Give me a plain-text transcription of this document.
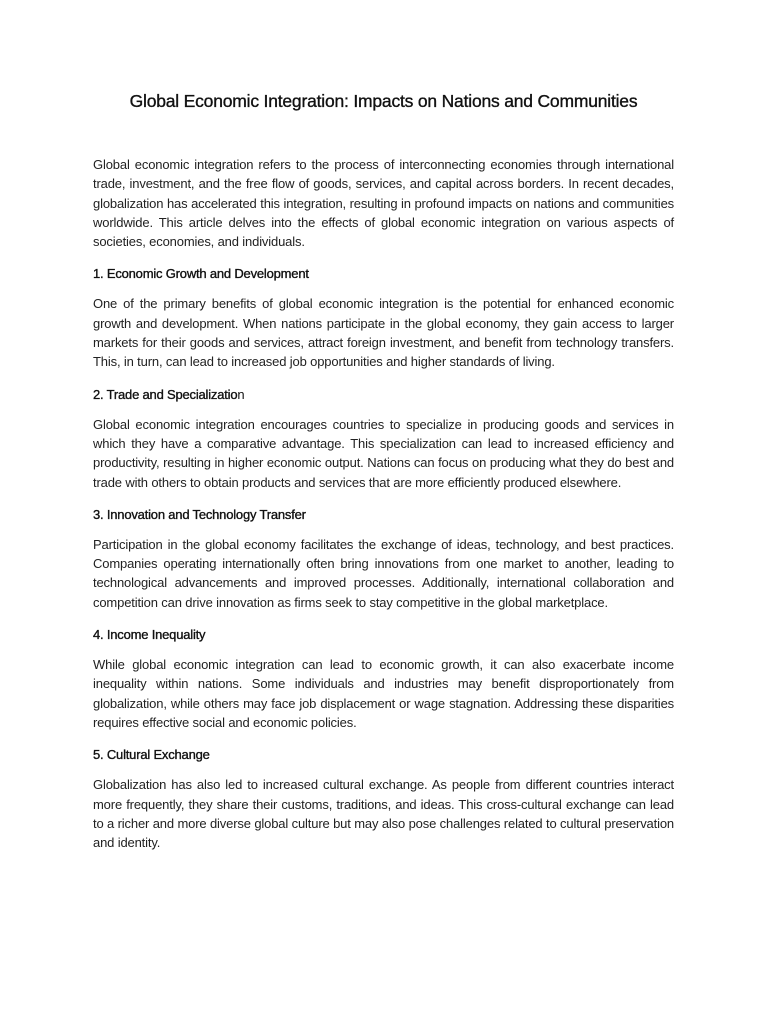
Global Economic Integration: Impacts on Nations and Communities

Global economic integration refers to the process of interconnecting economies through international trade, investment, and the free flow of goods, services, and capital across borders. In recent decades, globalization has accelerated this integration, resulting in profound impacts on nations and communities worldwide. This article delves into the effects of global economic integration on various aspects of societies, economies, and individuals.

1. Economic Growth and Development

One of the primary benefits of global economic integration is the potential for enhanced economic growth and development. When nations participate in the global economy, they gain access to larger markets for their goods and services, attract foreign investment, and benefit from technology transfers. This, in turn, can lead to increased job opportunities and higher standards of living.

2. Trade and Specialization

Global economic integration encourages countries to specialize in producing goods and services in which they have a comparative advantage. This specialization can lead to increased efficiency and productivity, resulting in higher economic output. Nations can focus on producing what they do best and trade with others to obtain products and services that are more efficiently produced elsewhere.

3. Innovation and Technology Transfer

Participation in the global economy facilitates the exchange of ideas, technology, and best practices. Companies operating internationally often bring innovations from one market to another, leading to technological advancements and improved processes. Additionally, international collaboration and competition can drive innovation as firms seek to stay competitive in the global marketplace.

4. Income Inequality

While global economic integration can lead to economic growth, it can also exacerbate income inequality within nations. Some individuals and industries may benefit disproportionately from globalization, while others may face job displacement or wage stagnation. Addressing these disparities requires effective social and economic policies.

5. Cultural Exchange

Globalization has also led to increased cultural exchange. As people from different countries interact more frequently, they share their customs, traditions, and ideas. This cross-cultural exchange can lead to a richer and more diverse global culture but may also pose challenges related to cultural preservation and identity.
